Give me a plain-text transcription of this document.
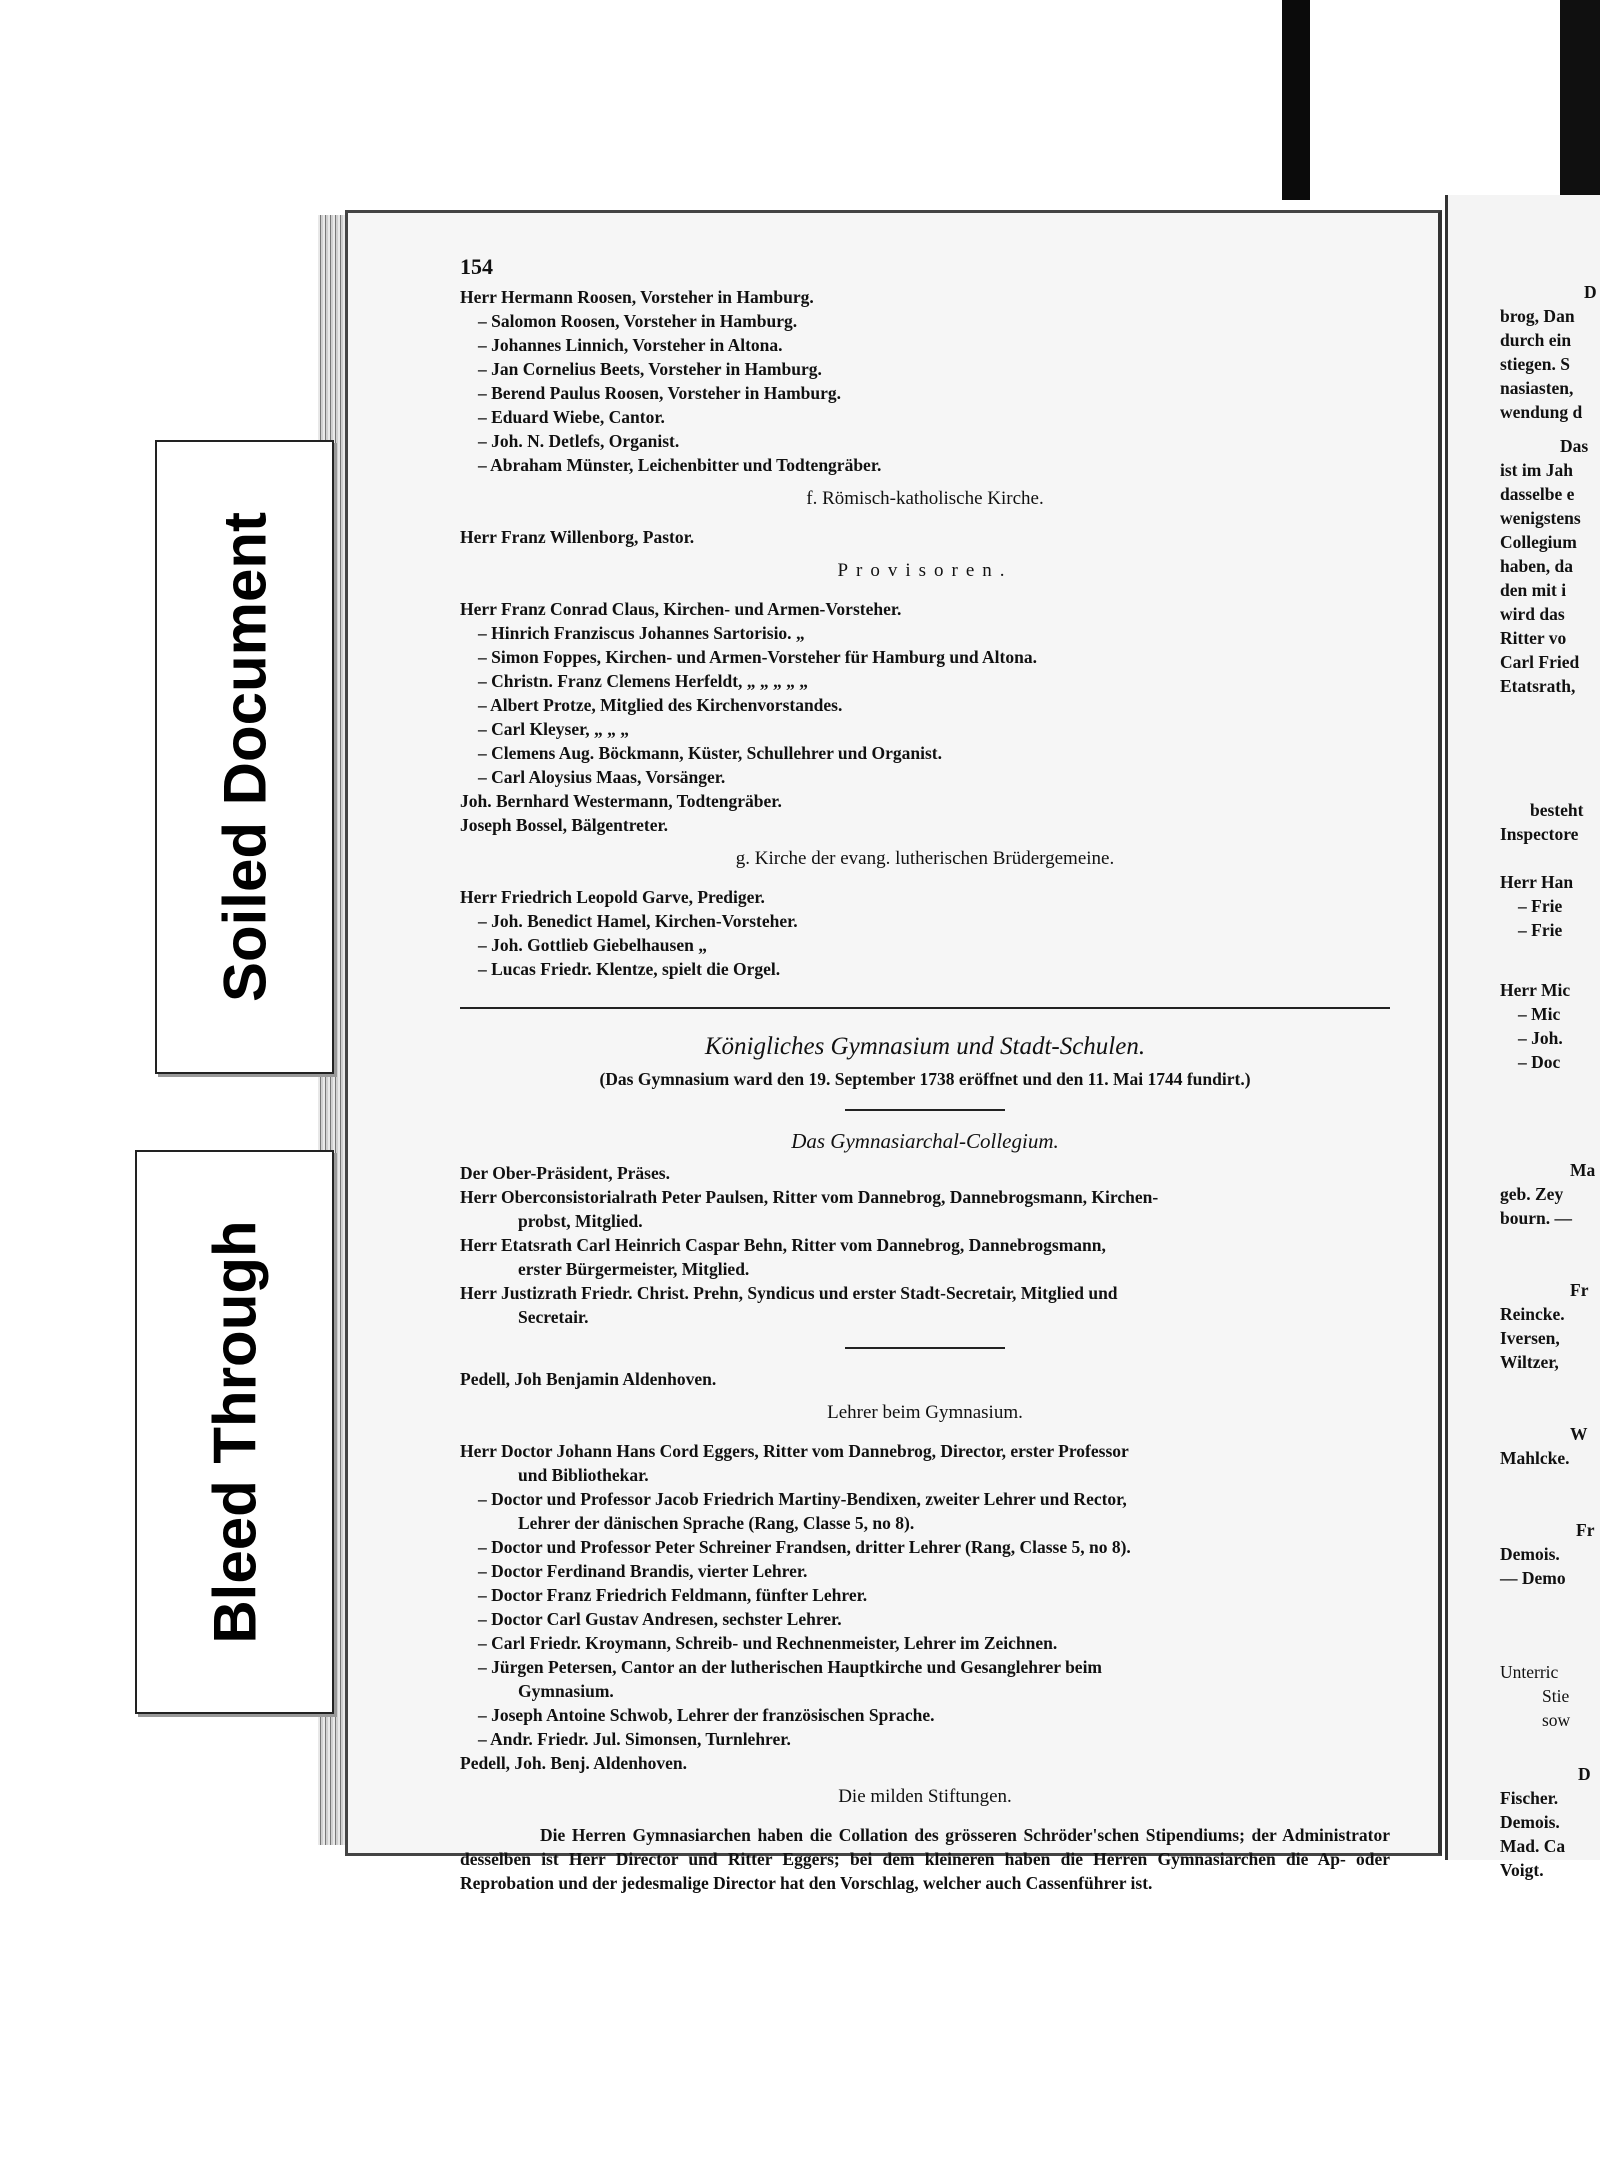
Soiled Document
Bleed Through
154
Herr Hermann Roosen, Vorsteher in Hamburg.
– Salomon Roosen, Vorsteher in Hamburg.
– Johannes Linnich, Vorsteher in Altona.
– Jan Cornelius Beets, Vorsteher in Hamburg.
– Berend Paulus Roosen, Vorsteher in Hamburg.
– Eduard Wiebe, Cantor.
– Joh. N. Detlefs, Organist.
– Abraham Münster, Leichenbitter und Todtengräber.
f. Römisch-katholische Kirche.
Herr Franz Willenborg, Pastor.
Provisoren.
Herr Franz Conrad Claus, Kirchen- und Armen-Vorsteher.
– Hinrich Franziscus Johannes Sartorisio. „
– Simon Foppes, Kirchen- und Armen-Vorsteher für Hamburg und Altona.
– Christn. Franz Clemens Herfeldt, „ „ „ „ „
– Albert Protze, Mitglied des Kirchenvorstandes.
– Carl Kleyser, „ „ „
– Clemens Aug. Böckmann, Küster, Schullehrer und Organist.
– Carl Aloysius Maas, Vorsänger.
Joh. Bernhard Westermann, Todtengräber.
Joseph Bossel, Bälgentreter.
g. Kirche der evang. lutherischen Brüdergemeine.
Herr Friedrich Leopold Garve, Prediger.
– Joh. Benedict Hamel, Kirchen-Vorsteher.
– Joh. Gottlieb Giebelhausen „
– Lucas Friedr. Klentze, spielt die Orgel.
Königliches Gymnasium und Stadt-Schulen.
(Das Gymnasium ward den 19. September 1738 eröffnet und den 11. Mai 1744 fundirt.)
Das Gymnasiarchal-Collegium.
Der Ober-Präsident, Präses.
Herr Oberconsistorialrath Peter Paulsen, Ritter vom Dannebrog, Dannebrogsmann, Kirchen-
probst, Mitglied.
Herr Etatsrath Carl Heinrich Caspar Behn, Ritter vom Dannebrog, Dannebrogsmann,
erster Bürgermeister, Mitglied.
Herr Justizrath Friedr. Christ. Prehn, Syndicus und erster Stadt-Secretair, Mitglied und
Secretair.
Pedell, Joh Benjamin Aldenhoven.
Lehrer beim Gymnasium.
Herr Doctor Johann Hans Cord Eggers, Ritter vom Dannebrog, Director, erster Professor
und Bibliothekar.
– Doctor und Professor Jacob Friedrich Martiny-Bendixen, zweiter Lehrer und Rector,
Lehrer der dänischen Sprache (Rang, Classe 5, no 8).
– Doctor und Professor Peter Schreiner Frandsen, dritter Lehrer (Rang, Classe 5, no 8).
– Doctor Ferdinand Brandis, vierter Lehrer.
– Doctor Franz Friedrich Feldmann, fünfter Lehrer.
– Doctor Carl Gustav Andresen, sechster Lehrer.
– Carl Friedr. Kroymann, Schreib- und Rechnenmeister, Lehrer im Zeichnen.
– Jürgen Petersen, Cantor an der lutherischen Hauptkirche und Gesanglehrer beim
Gymnasium.
– Joseph Antoine Schwob, Lehrer der französischen Sprache.
– Andr. Friedr. Jul. Simonsen, Turnlehrer.
Pedell, Joh. Benj. Aldenhoven.
Die milden Stiftungen.
Die Herren Gymnasiarchen haben die Collation des grösseren Schröder'schen Stipendiums; der Administrator desselben ist Herr Director und Ritter Eggers; bei dem kleineren haben die Herren Gymnasiarchen die Ap- oder Reprobation und der jedesmalige Director hat den Vorschlag, welcher auch Cassenführer ist.
D
brog, Dan
durch ein
stiegen. S
nasiasten,
wendung d
Das
ist im Jah
dasselbe e
wenigstens
Collegium
haben, da
den mit i
wird das
Ritter vo
Carl Fried
Etatsrath,
besteht
Inspectore
Herr Han
– Frie
– Frie
Herr Mic
– Mic
– Joh.
– Doc
Ma
geb. Zey
bourn. —
Fr
Reincke.
Iversen,
Wiltzer,
W
Mahlcke.
Fr
Demois.
— Demo
Unterric
Stie
sow
D
Fischer.
Demois.
Mad. Ca
Voigt.
